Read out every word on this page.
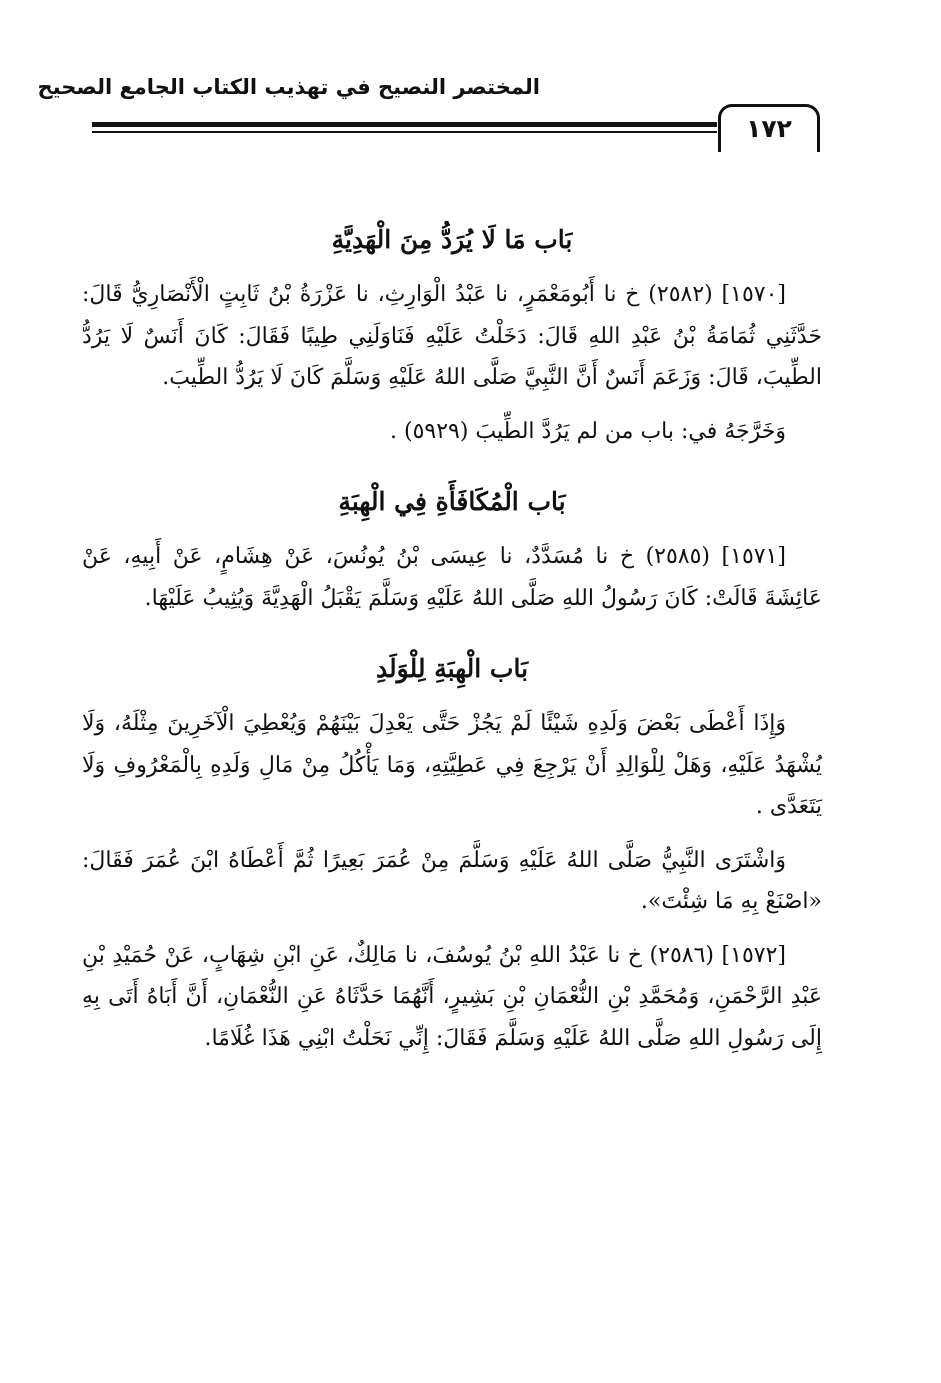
المختصر النصيح في تهذيب الكتاب الجامع الصحيح
١٧٢
بَاب مَا لَا يُرَدُّ مِنَ الْهَدِيَّةِ

[١٥٧٠] (٢٥٨٢) خ نا أَبُومَعْمَرٍ، نا عَبْدُ الْوَارِثِ، نا عَزْرَةُ بْنُ ثَابِتٍ الْأَنْصَارِيُّ قَالَ: حَدَّثَنِي ثُمَامَةُ بْنُ عَبْدِ اللهِ قَالَ: دَخَلْتُ عَلَيْهِ فَنَاوَلَنِي طِيبًا فَقَالَ: كَانَ أَنَسٌ لَا يَرُدُّ الطِّيبَ، قَالَ: وَزَعَمَ أَنَسٌ أَنَّ النَّبِيَّ صَلَّى اللهُ عَلَيْهِ وَسَلَّمَ كَانَ لَا يَرُدُّ الطِّيبَ.

وَخَرَّجَهُ في: باب من لم يَرُدَّ الطِّيبَ (٥٩٢٩) .

بَاب الْمُكَافَأَةِ فِي الْهِبَةِ

[١٥٧١] (٢٥٨٥) خ نا مُسَدَّدٌ، نا عِيسَى بْنُ يُونُسَ، عَنْ هِشَامٍ، عَنْ أَبِيهِ، عَنْ عَائِشَةَ قَالَتْ: كَانَ رَسُولُ اللهِ صَلَّى اللهُ عَلَيْهِ وَسَلَّمَ يَقْبَلُ الْهَدِيَّةَ وَيُثِيبُ عَلَيْهَا.

بَاب الْهِبَةِ لِلْوَلَدِ

وَإِذَا أَعْطَى بَعْضَ وَلَدِهِ شَيْئًا لَمْ يَجُزْ حَتَّى يَعْدِلَ بَيْنَهُمْ وَيُعْطِيَ الْآخَرِينَ مِثْلَهُ، وَلَا يُشْهَدُ عَلَيْهِ، وَهَلْ لِلْوَالِدِ أَنْ يَرْجِعَ فِي عَطِيَّتِهِ، وَمَا يَأْكُلُ مِنْ مَالِ وَلَدِهِ بِالْمَعْرُوفِ وَلَا يَتَعَدَّى .

وَاشْتَرَى النَّبِيُّ صَلَّى اللهُ عَلَيْهِ وَسَلَّمَ مِنْ عُمَرَ بَعِيرًا ثُمَّ أَعْطَاهُ ابْنَ عُمَرَ فَقَالَ: «اصْنَعْ بِهِ مَا شِئْتَ».

[١٥٧٢] (٢٥٨٦) خ نا عَبْدُ اللهِ بْنُ يُوسُفَ، نا مَالِكٌ، عَنِ ابْنِ شِهَابٍ، عَنْ حُمَيْدِ بْنِ عَبْدِ الرَّحْمَنِ، وَمُحَمَّدِ بْنِ النُّعْمَانِ بْنِ بَشِيرٍ، أَنَّهُمَا حَدَّثَاهُ عَنِ النُّعْمَانِ، أَنَّ أَبَاهُ أَتَى بِهِ إِلَى رَسُولِ اللهِ صَلَّى اللهُ عَلَيْهِ وَسَلَّمَ فَقَالَ: إِنِّي نَحَلْتُ ابْنِي هَذَا غُلَامًا.
